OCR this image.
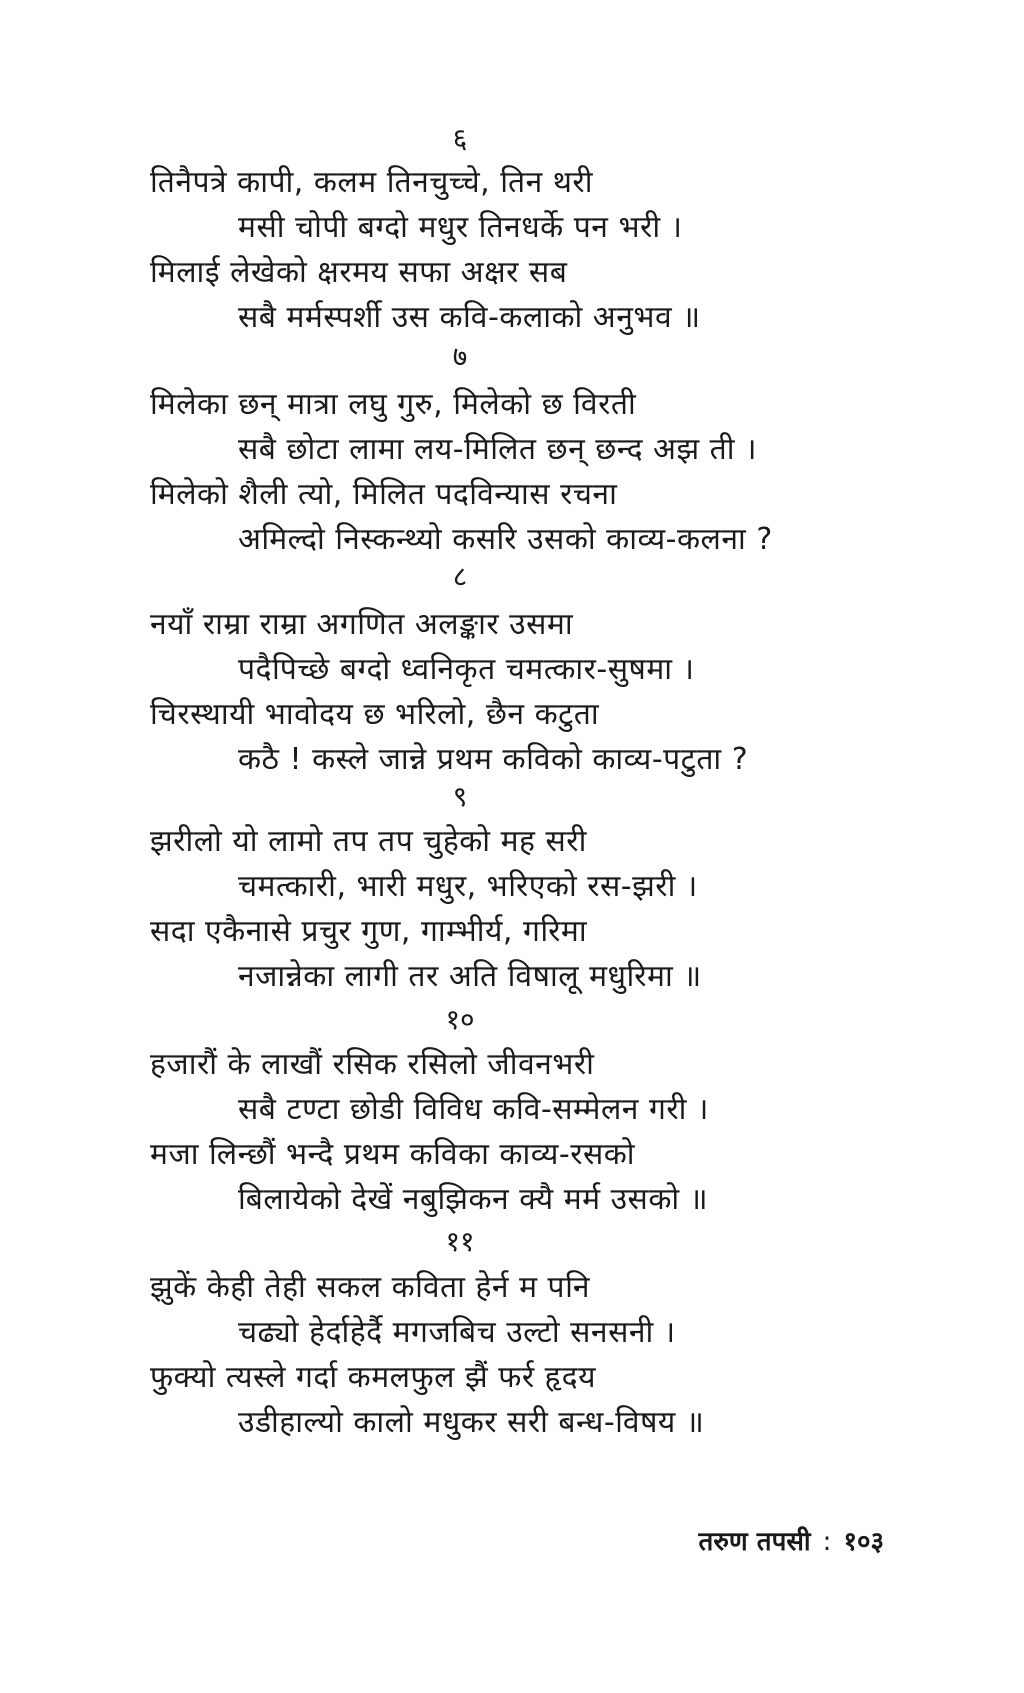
६
तिनैपत्रे कापी, कलम तिनचुच्चे, तिन थरी
मसी चोपी बग्दो मधुर तिनधर्के पन भरी ।
मिलाई लेखेको क्षरमय सफा अक्षर सब
सबै मर्मस्पर्शी उस कवि-कलाको अनुभव ॥
७
मिलेका छन् मात्रा लघु गुरु, मिलेको छ विरती
सबै छोटा लामा लय-मिलित छन् छन्द अझ ती ।
मिलेको शैली त्यो, मिलित पदविन्यास रचना
अमिल्दो निस्कन्थ्यो कसरि उसको काव्य-कलना ?
८
नयाँ राम्रा राम्रा अगणित अलङ्कार उसमा
पदैपिच्छे बग्दो ध्वनिकृत चमत्कार-सुषमा ।
चिरस्थायी भावोदय छ भरिलो, छैन कटुता
कठै ! कस्ले जान्ने प्रथम कविको काव्य-पटुता ?
९
झरीलो यो लामो तप तप चुहेको मह सरी
चमत्कारी, भारी मधुर, भरिएको रस-झरी ।
सदा एकैनासे प्रचुर गुण, गाम्भीर्य, गरिमा
नजान्नेका लागी तर अति विषालू मधुरिमा ॥
१०
हजारौं के लाखौं रसिक रसिलो जीवनभरी
सबै टण्टा छोडी विविध कवि-सम्मेलन गरी ।
मजा लिन्छौं भन्दै प्रथम कविका काव्य-रसको
बिलायेको देखें नबुझिकन क्यै मर्म उसको ॥
११
झुकें केही तेही सकल कविता हेर्न म पनि
चढ्यो हेर्दाहेर्दै मगजबिच उल्टो सनसनी ।
फुक्यो त्यस्ले गर्दा कमलफुल झैं फर्र हृदय
उडीहाल्यो कालो मधुकर सरी बन्ध-विषय ॥
तरुण तपसी : १०३
